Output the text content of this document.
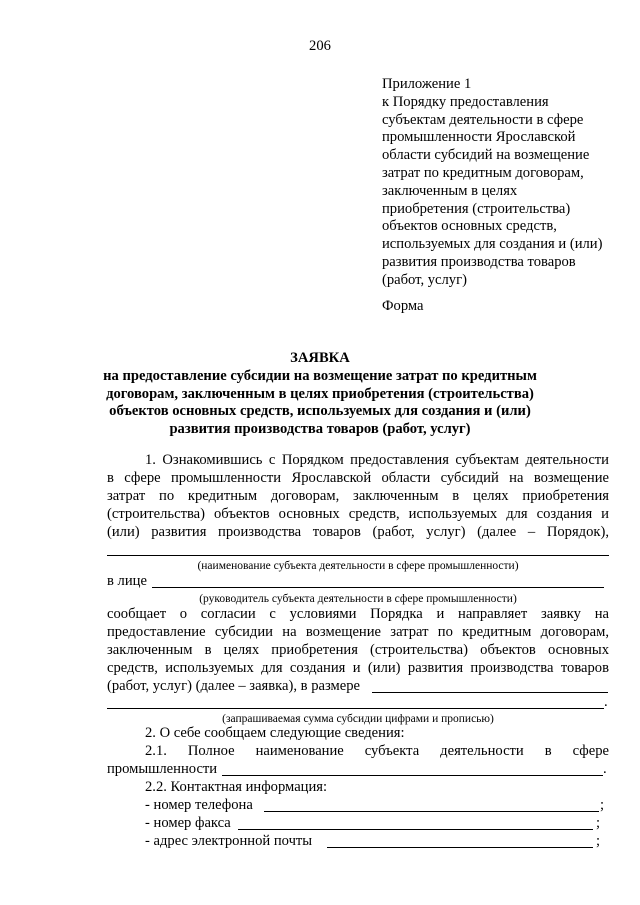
206
Приложение 1
к Порядку предоставления
субъектам деятельности в сфере
промышленности Ярославской
области субсидий на возмещение
затрат по кредитным договорам,
заключенным в целях
приобретения (строительства)
объектов основных средств,
используемых для создания и (или)
развития производства товаров
(работ, услуг)
Форма
ЗАЯВКА
на предоставление субсидии на возмещение затрат по кредитным
договорам, заключенным в целях приобретения (строительства)
объектов основных средств, используемых для создания и (или)
развития производства товаров (работ, услуг)
1. Ознакомившись с Порядком предоставления субъектам деятельности
в сфере промышленности Ярославской области субсидий на возмещение
затрат по кредитным договорам, заключенным в целях приобретения
(строительства) объектов основных средств, используемых для создания и
(или) развития производства товаров (работ, услуг) (далее – Порядок),
(наименование субъекта деятельности в сфере промышленности)
в лице
(руководитель субъекта деятельности в сфере промышленности)
сообщает о согласии с условиями Порядка и направляет заявку на
предоставление субсидии на возмещение затрат по кредитным договорам,
заключенным в целях приобретения (строительства) объектов основных
средств, используемых для создания и (или) развития производства товаров
(работ, услуг) (далее – заявка), в размере
.
(запрашиваемая сумма субсидии цифрами и прописью)
2. О себе сообщаем следующие сведения:
2.1. Полное наименование субъекта деятельности в сфере
промышленности	.
2.2. Контактная информация:
- номер телефона	;
- номер факса	;
- адрес электронной почты	;
